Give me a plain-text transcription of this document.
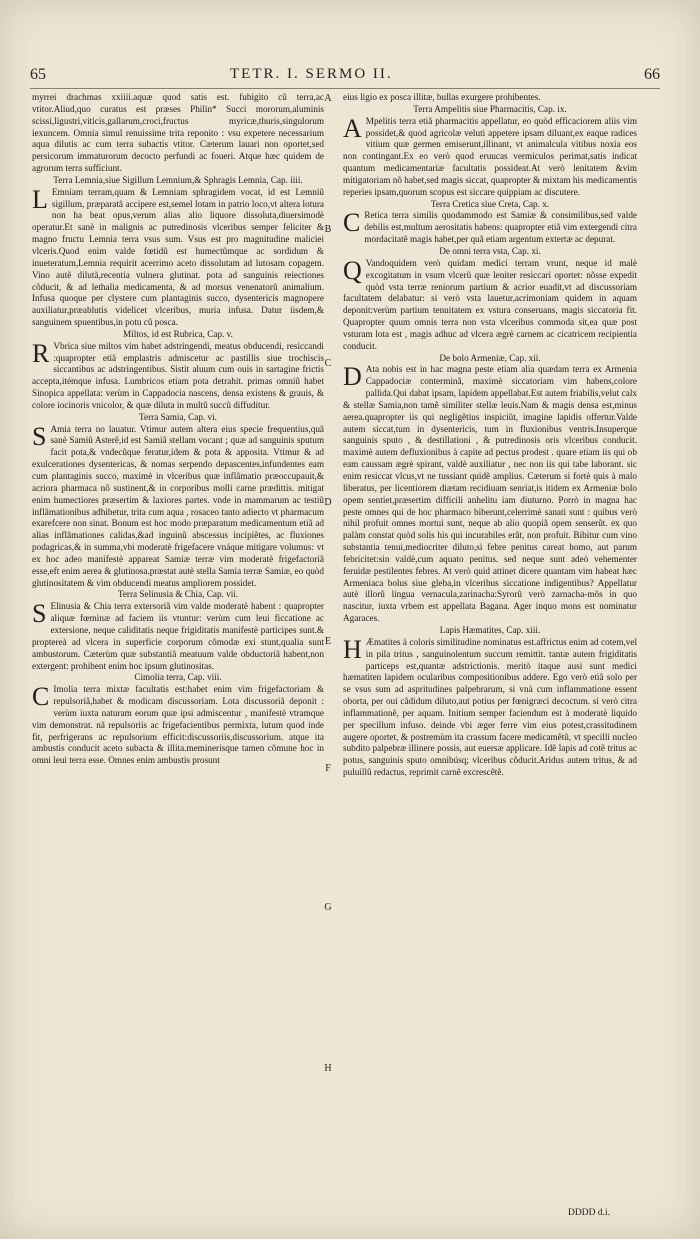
65	TETR. I. SERMO II.	66

myrrei drachmas xxiiii.aquæ quod satis est. fubigito cũ terra,ac vtitor.Aliud,quo curatus est præses Philin* Succi mororum,aluminis scissi,ligustri,viticis,gallarum,croci,fructus myricæ,thuris,singulorum iexuncem. Omnia simul renuissime trita reponito : vsu expetere necessarium aqua dilutis ac cum terra subactis vtitor. Cæterum lauari non oportet,sed persicorum immaturorum decocto perfundi ac foueri. Atque hæc quidem de agrorum terra sufficiunt.

Terra Lemnia,siue Sigillum Lemnium,& Sphragis Lemnia, Cap. iiii.

L Emniam terram,quam & Lemniam sphragidem vocat, id est Lemniũ sigillum, præparatã accipere est,semel lotam in patrio loco,vt altera lotura non ha beat opus,verum alias alio liquore dissoluta,diuersimodè operatur.Et sanè in malignis ac putredinosis vlceribus semper feliciter & magno fructu Lemnia terra vsus sum. Vsus est pro magnitudine maliciei vlceris.Quod enim valde fœtidũ est humectũmque ac sordidum & inueteratum,Lemnia requirit acerrimo aceto dissolutam ad lutosam copagem. Vino autẽ dilutã,recentia vulnera glutinat. pota ad sanguinis reiectiones cõducit, & ad lethalia medicamenta, & ad morsus venenatorũ animalium. Infusa quoque per clystere cum plantaginis succo, dysentericis magnopere auxiliatur,præablutis videlicet vlceribus, muria infusa. Datur iisdem,& sanguinem spuentibus,in potu cũ posca.

Miltos, id est Rubrica, Cap. v.

R Vbrica siue miltos vim habet adstringendi, meatus obducendi, resiccandi :quapropter etiã emplastris admiscetur ac pastillis siue trochiscis siccantibus ac adstringentibus. Sistit aluum cum ouis in sartagine frictis accepta,itémque infusa. Lumbricos etiam pota detrahit. primas omniũ habet Sinopica appellata: verùm in Cappadocia nascens, densa existens & grauis, & colore iocinoris vnicolor, & quæ diluta in multũ succũ diffuditur.

Terra Samia, Cap. vi.

S Amia terra no lauatur. Vtimur autem altera eius specie frequentius,quã sanè Samiũ Asterẽ,id est Samiã stellam vocant ; quæ ad sanguinis sputum facit pota,& vndecũque feratur,idem & pota & apposita. Vtimur & ad exulcerationes dysentericas, & nomas serpendo depascentes,infundentes eam cum plantaginis succo, maximè in vlceribus quæ inflãmatio præoccupauit,& acriora pharmaca nõ sustinent,& in corporibus molli carne prædittis. mitigat enim humectiores præsertim & laxiores partes. vnde in mammarum ac testiũ inflãmationibus adhibetur, trita cum aqua , rosaceo tanto adiecto vt pharmacum exarefcere non sinat. Bonum est hoc modo præparatum medicamentum etiã ad alias inflãmationes calidas,&ad inguinũ abscessus incipiẽtes, ac fluxiones podagricas,& in summa,vbi moderatè frigefacere vnáque mitigare volumus: vt ex hoc adeo manifestè appareat Samiæ terræ vim moderatè frigefactoriã esse,eft enim aerea & glutinosa.præstat autè stella Samia terræ Samiæ, eo quòd glutinositatem & vim obducendi meatus ampliorem possidet.

Terra Selinusia & Chia, Cap. vii.

S Elinusia & Chia terra extersoriã vim valde moderatè habent : quapropter aliquæ fœminæ ad faciem iis vtuntur: verùm cum leui ficcatione ac extersione, neque caliditatis neque frigiditatis manifestè participes sunt.& proptereà ad vlcera in superficie corporum cõmodæ exi stunt,qualia sunt ambustorum. Cæterùm quæ substantiã meatuum valde obductoriã habent,non extergent: prohibent enim hoc ipsum glutinositas.

Cimolia terra, Cap. viii.

C Imolia terra mixtæ facultatis est:habet enim vim frigefactoriam & repulsoriã,habet & modicam discussoriam. Lota discussoriã deponit : verùm iuxta naturam eorum quæ ipsi admiscentur , manifestè vtramque vim demonstrat. nã repulsoriis ac frigefacientibus permixta, lutum quod inde fit, perfrigerans ac repulsorium efficit:discussoriis,discussorium. atque ita ambustis conducit aceto subacta & illita.meminerisque tamen cõmune hoc in omni leui terra esse. Omnes enim ambustis prosunt

eius ligio ex posca illitæ, bullas exurgere prohibentes.

Terra Ampelitis siue Pharmacitis, Cap. ix.

A Mpelitis terra etiã pharmacitis appellatur, eo quòd efficaciorem aliis vim possidet,& quod agricolæ veluti appetere ipsam diluant,ex eaque radices vitium quæ germen emiserunt,illinant, vt animalcula vitibus noxia eos non contingant.Ex eo verò quod eruucas vermiculos perimat,satis indicat quantum medicamentariæ facultatis possideat.At verò lenitatem &vim mitigatoriam nõ habet,sed magis siccat, quapropter & mixtam his medicamentis reperies ipsam,quorum scopus est siccare quippiam ac discutere.

Terra Cretica siue Creta, Cap. x.

C Retica terra similis quodammodo est Samiæ & consimilibus,sed valde debilis est,multum aerositatis habens: quapropter etiã vim extergendi citra mordacitatẽ magis habet,per quã etiam argentum extertæ ac depurat.

De omni terra vsta, Cap. xi.

Q Vandoquidem verò quidam medici terram vrunt, neque id malè excogitatum in vsum vlcerũ quæ leniter resiccari oportet: nõsse expedit quòd vsta terræ reniorum partium & acrior euadit,vt ad discussoriam facultatem delabatur: si verò vsta lauetur,acrimoniam quidem in aquam deponit:verùm partium tenuitatem ex vstura conseruans, magis siccatoria fit. Quapropter quum omnis terra non vsta vlceribus commoda sit,ea quæ post vsturam lota est , magis adhuc ad vlcera ægrè carnem ac cicatricem recipientia conducit.

De bolo Armeniæ, Cap. xii.

D Ata nobis est in hac magna peste etiam alia quædam terra ex Armenia Cappadociæ conterminã, maximè siccatoriam vim habens,colore pallida.Qui dabat ipsam, lapidem appellabat.Est autem friabilis,velut calx & stellæ Samia,non tamẽ similiter stellæ leuis.Nam & magis densa est,minus aerea.quapropter iis qui negligẽtius inspiciũt, imagine lapidis offertur.Valde autem siccat,tum in dysentericis, tum in fluxionibus ventris.Insuperque sanguinis sputo , & destillationi , & putredinosis oris vlceribus conducit. maximè autem defluxionibus à capite ad pectus prodest . quare etiam iis qui ob eam caussam ægrè spirant, valdè auxiliatur , nec non iis qui tabe laborant. sic enim resiccat vlcus,vt ne tussiant quidẽ amplius. Cæterum si fortè quis à malo liberatus, per licentiorem diætam recidiuam senriat,is itidem ex Armeniæ bolo opem sentiet,præsertim difficili anhelitu iam diuturno. Porrò in magna hac peste omnes qui de hoc pharmaco biberunt,celerrimè sanati sunt : quibus verò nihil profuit omnes mortui sunt, neque ab alio quopiã opem senserũt. ex quo palàm constat quòd solis his qui incurabiles erãt, non profuit. Bibitur cum vino substantia tenui,mediocriter diluto,si febre penitus careat homo, aut parum febricitet:sin valdè,cum aquato penitus. sed neque sunt adeò vehementer feruidæ pestilentes febres. At verò quid attinet dicere quantam vim habeat hæc Armeniaca bolus siue gleba,in vlceribus siccatione indigentibus? Appellatur autè illorũ lingua vernacula,zarinacha:Syrorũ verò zarnacha-mõs in quo nascitur, iuxta vrbem est appellata Bagana. Ager inquo mons est nominatur Agaraces.

Lapis Hæmatites, Cap. xiii.

H Æmatites à coloris similitudine nominatus est.affrictus enim ad cotem,vel in pila tritus , sanguinolentum succum remittit. tantæ autem frigiditatis particeps est,quantæ adstrictionis. meritò itaque ausi sunt medici hæmatiten lapidem ocularibus compositionibus addere. Ego verò etiã solo per se vsus sum ad aspritudines palpebrarum, si vnà cum inflammatione essent oborta, per oui cãdidum diluto,aut potius per fœnigræci decoctum. si verò citra inflammationẽ, per aquam. Initium semper faciendum est à moderatè liquido per specillum infuso. deinde vbi æger ferre vim eius potest,crassitudinem augere oportet, & postremùm ita crassum facere medicamẽtũ, vt specilli nucleo subdito palpebræ illinere possis, aut euersæ applicare. Idẽ lapis ad cotẽ tritus ac potus, sanguinis sputo omnibúsq; vlceribus cõducit.Aridus autem tritus, & ad puluillũ redactus, reprimit carnẽ excrescẽtẽ.

A
B
C
D
E
F
G
H
DDDD d.i.
